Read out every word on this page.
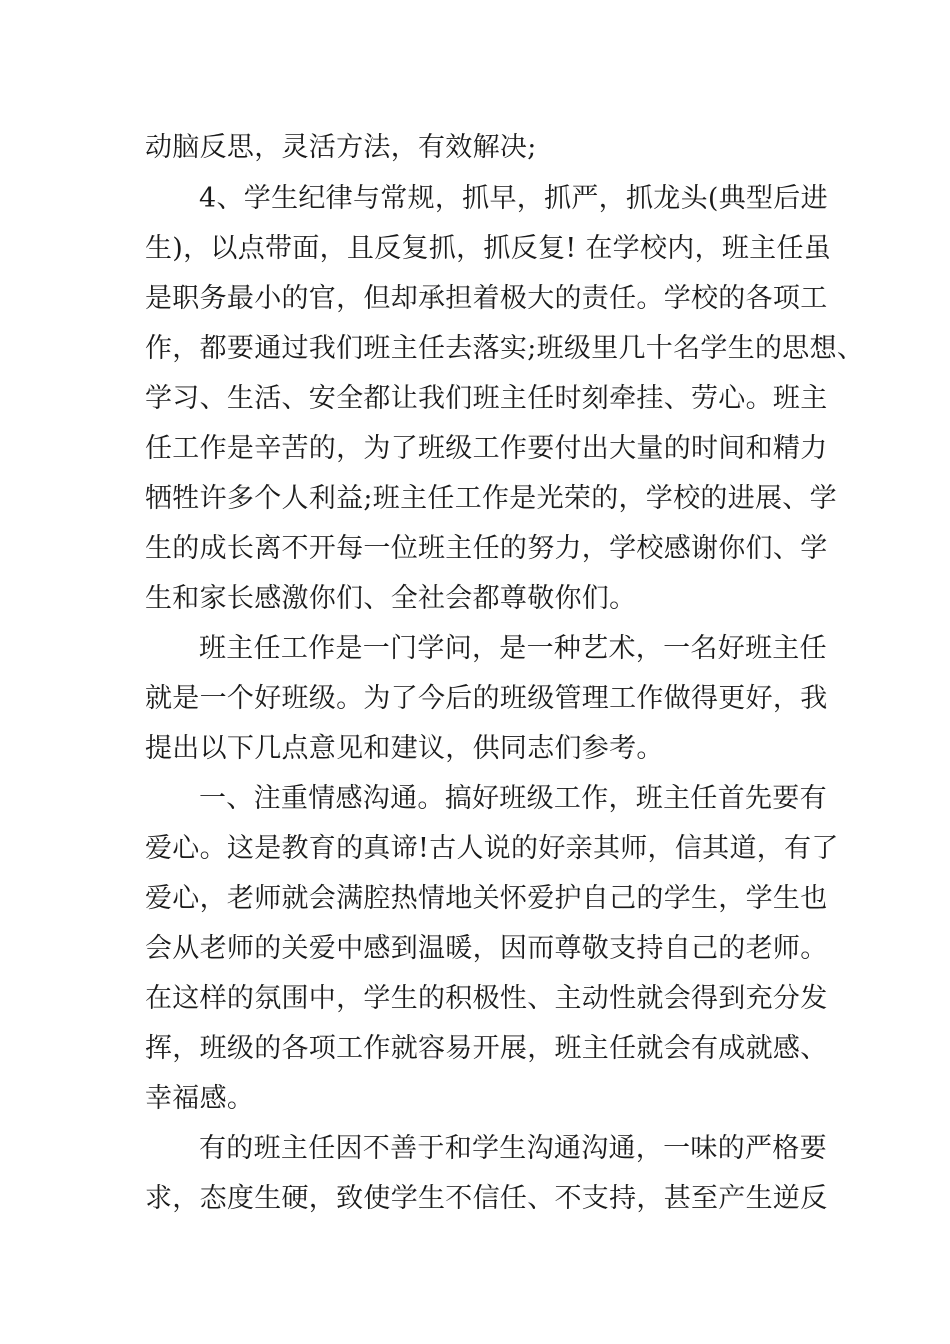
动脑反思，灵活方法，有效解决;
4、学生纪律与常规，抓早，抓严，抓龙头(典型后进
生)，以点带面，且反复抓，抓反复! 在学校内，班主任虽
是职务最小的官，但却承担着极大的责任。学校的各项工
作，都要通过我们班主任去落实;班级里几十名学生的思想、
学习、生活、安全都让我们班主任时刻牵挂、劳心。班主
任工作是辛苦的，为了班级工作要付出大量的时间和精力
牺牲许多个人利益;班主任工作是光荣的，学校的进展、学
生的成长离不开每一位班主任的努力，学校感谢你们、学
生和家长感激你们、全社会都尊敬你们。
班主任工作是一门学问，是一种艺术，一名好班主任
就是一个好班级。为了今后的班级管理工作做得更好，我
提出以下几点意见和建议，供同志们参考。
一、注重情感沟通。搞好班级工作，班主任首先要有
爱心。这是教育的真谛!古人说的好亲其师，信其道，有了
爱心，老师就会满腔热情地关怀爱护自己的学生，学生也
会从老师的关爱中感到温暖，因而尊敬支持自己的老师。
在这样的氛围中，学生的积极性、主动性就会得到充分发
挥，班级的各项工作就容易开展，班主任就会有成就感、
幸福感。
有的班主任因不善于和学生沟通沟通，一味的严格要
求，态度生硬，致使学生不信任、不支持，甚至产生逆反
